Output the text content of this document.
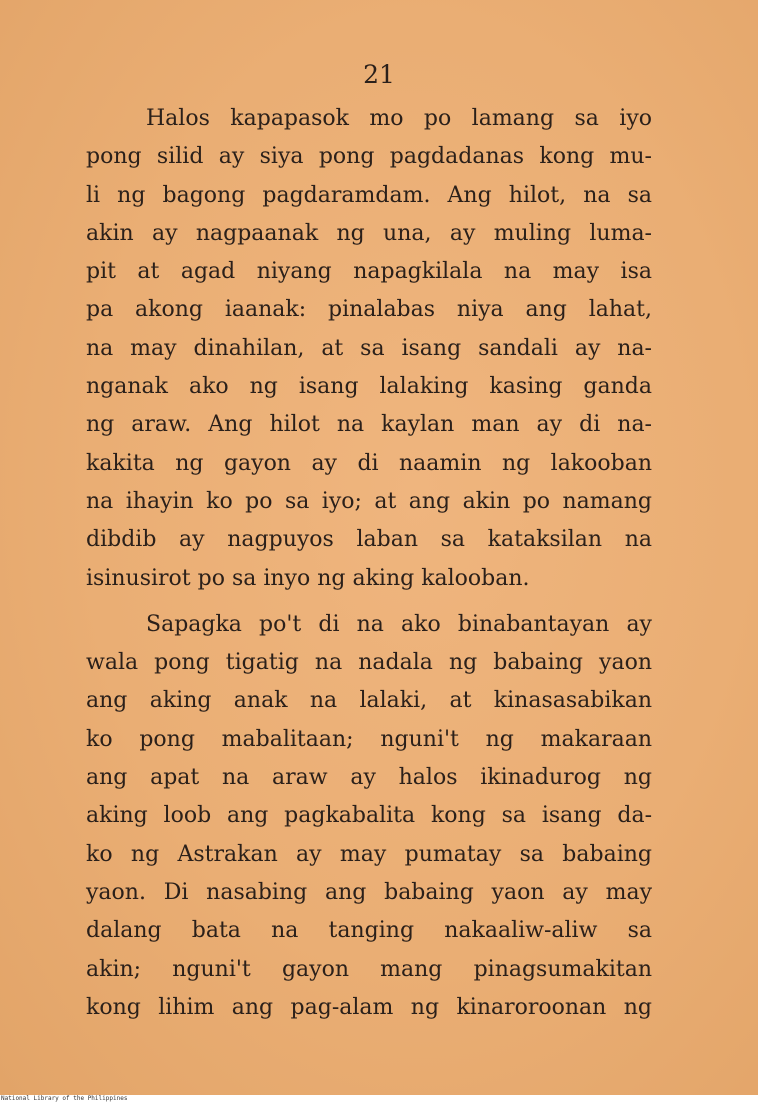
21
Halos kapapasok mo po lamang sa iyo
pong silid ay siya pong pagdadanas kong mu-
li ng bagong pagdaramdam. Ang hilot, na sa
akin ay nagpaanak ng una, ay muling luma-
pit at agad niyang napagkilala na may isa
pa akong iaanak: pinalabas niya ang lahat,
na may dinahilan, at sa isang sandali ay na-
nganak ako ng isang lalaking kasing ganda
ng araw. Ang hilot na kaylan man ay di na-
kakita ng gayon ay di naamin ng lakooban
na ihayin ko po sa iyo; at ang akin po namang
dibdib ay nagpuyos laban sa kataksilan na
isinusirot po sa inyo ng aking kalooban.
Sapagka po't di na ako binabantayan ay
wala pong tigatig na nadala ng babaing yaon
ang aking anak na lalaki, at kinasasabikan
ko pong mabalitaan; nguni't ng makaraan
ang apat na araw ay halos ikinadurog ng
aking loob ang pagkabalita kong sa isang da-
ko ng Astrakan ay may pumatay sa babaing
yaon. Di nasabing ang babaing yaon ay may
dalang bata na tanging nakaaliw-aliw sa
akin; nguni't gayon mang pinagsumakitan
kong lihim ang pag-alam ng kinaroroonan ng
National Library of the Philippines
